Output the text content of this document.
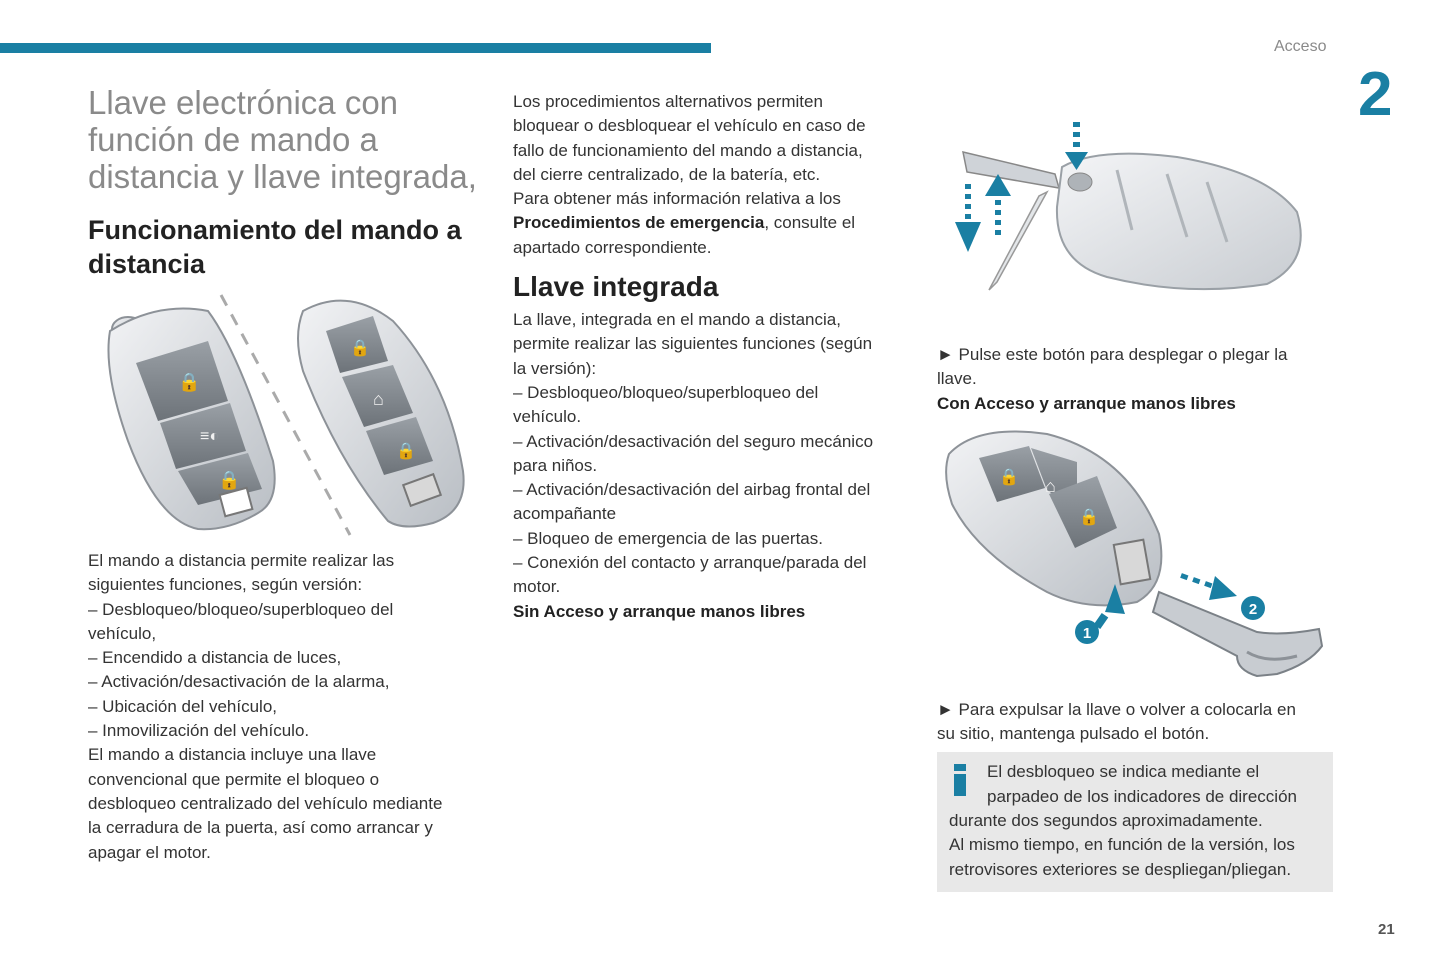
Acceso
2
21
Llave electrónica con
función de mando a
distancia y llave integrada,
Funcionamiento del mando a
distancia
🔒
≡◐
🔒
🔒
⌂
🔒

El mando a distancia permite realizar las

siguientes funciones, según versión:

– Desbloqueo/bloqueo/superbloqueo del

vehículo,

– Encendido a distancia de luces,

– Activación/desactivación de la alarma,

– Ubicación del vehículo,

– Inmovilización del vehículo.

El mando a distancia incluye una llave

convencional que permite el bloqueo o

desbloqueo centralizado del vehículo mediante

la cerradura de la puerta, así como arrancar y

apagar el motor.

Los procedimientos alternativos permiten

bloquear o desbloquear el vehículo en caso de

fallo de funcionamiento del mando a distancia,

del cierre centralizado, de la batería, etc.

Para obtener más información relativa a los

Procedimientos de emergencia, consulte el

apartado correspondiente.

Llave integrada

La llave, integrada en el mando a distancia,

permite realizar las siguientes funciones (según

la versión):

– Desbloqueo/bloqueo/superbloqueo del

vehículo.

– Activación/desactivación del seguro mecánico

para niños.

– Activación/desactivación del airbag frontal del

acompañante

– Bloqueo de emergencia de las puertas.

– Conexión del contacto y arranque/parada del

motor.

Sin Acceso y arranque manos libres

► Pulse este botón para desplegar o plegar la

llave.

Con Acceso y arranque manos libres

🔒 ⌂
🔒
1
2

► Para expulsar la llave o volver a colocarla en

su sitio, mantenga pulsado el botón.

El desbloqueo se indica mediante el

parpadeo de los indicadores de dirección

durante dos segundos aproximadamente.

Al mismo tiempo, en función de la versión, los

retrovisores exteriores se despliegan/pliegan.
